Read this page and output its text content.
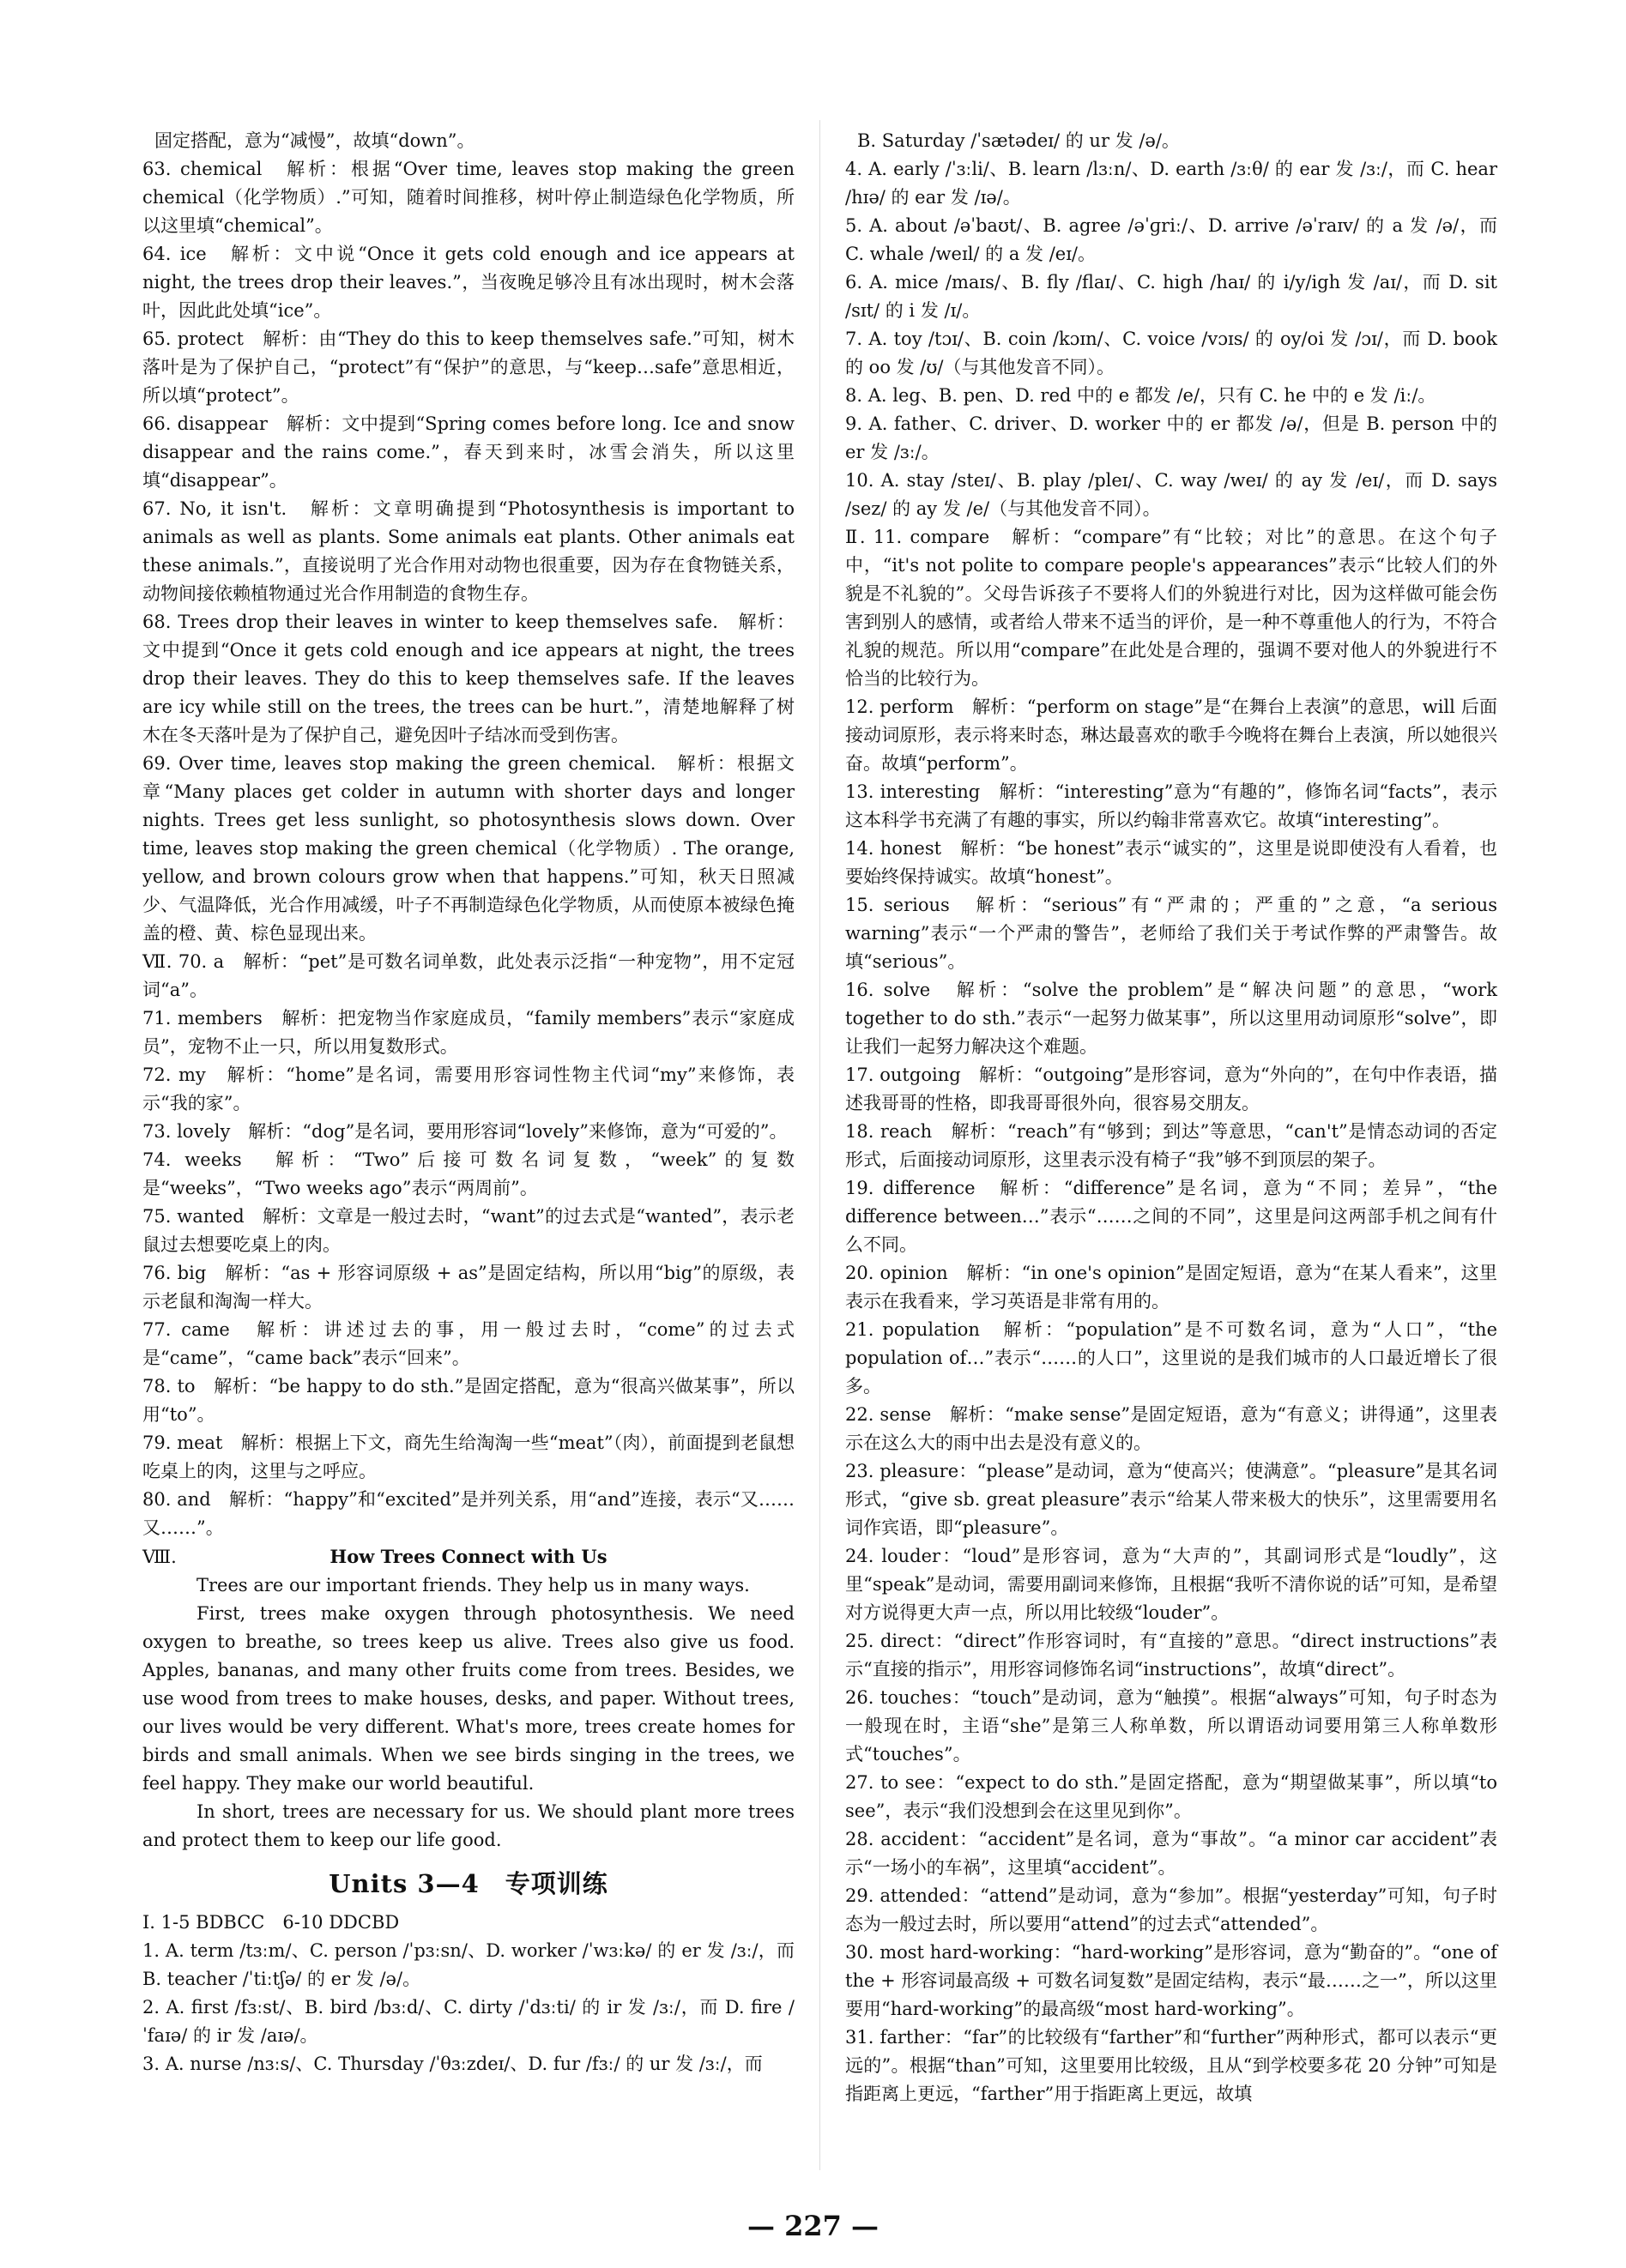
固定搭配，意为“减慢”，故填“down”。

63. chemical　解析：根据“Over time, leaves stop making the green chemical（化学物质）.”可知，随着时间推移，树叶停止制造绿色化学物质，所以这里填“chemical”。

64. ice　解析：文中说“Once it gets cold enough and ice appears at night, the trees drop their leaves.”，当夜晚足够冷且有冰出现时，树木会落叶，因此此处填“ice”。

65. protect　解析：由“They do this to keep themselves safe.”可知，树木落叶是为了保护自己，“protect”有“保护”的意思，与“keep…safe”意思相近，所以填“protect”。

66. disappear　解析：文中提到“Spring comes before long. Ice and snow disappear and the rains come.”，春天到来时，冰雪会消失，所以这里填“disappear”。

67. No, it isn't.　解析：文章明确提到“Photosynthesis is important to animals as well as plants. Some animals eat plants. Other animals eat these animals.”，直接说明了光合作用对动物也很重要，因为存在食物链关系，动物间接依赖植物通过光合作用制造的食物生存。

68. Trees drop their leaves in winter to keep themselves safe.　解析：文中提到“Once it gets cold enough and ice appears at night, the trees drop their leaves. They do this to keep themselves safe. If the leaves are icy while still on the trees, the trees can be hurt.”，清楚地解释了树木在冬天落叶是为了保护自己，避免因叶子结冰而受到伤害。

69. Over time, leaves stop making the green chemical.　解析：根据文章“Many places get colder in autumn with shorter days and longer nights. Trees get less sunlight, so photosynthesis slows down. Over time, leaves stop making the green chemical（化学物质）. The orange, yellow, and brown colours grow when that happens.”可知，秋天日照减少、气温降低，光合作用减缓，叶子不再制造绿色化学物质，从而使原本被绿色掩盖的橙、黄、棕色显现出来。

Ⅶ. 70. a　解析：“pet”是可数名词单数，此处表示泛指“一种宠物”，用不定冠词“a”。

71. members　解析：把宠物当作家庭成员，“family members”表示“家庭成员”，宠物不止一只，所以用复数形式。

72. my　解析：“home”是名词，需要用形容词性物主代词“my”来修饰，表示“我的家”。

73. lovely　解析：“dog”是名词，要用形容词“lovely”来修饰，意为“可爱的”。

74. weeks　解析：“Two”后接可数名词复数，“week”的复数是“weeks”，“Two weeks ago”表示“两周前”。

75. wanted　解析：文章是一般过去时，“want”的过去式是“wanted”，表示老鼠过去想要吃桌上的肉。

76. big　解析：“as + 形容词原级 + as”是固定结构，所以用“big”的原级，表示老鼠和淘淘一样大。

77. came　解析：讲述过去的事，用一般过去时，“come”的过去式是“came”，“came back”表示“回来”。

78. to　解析：“be happy to do sth.”是固定搭配，意为“很高兴做某事”，所以用“to”。

79. meat　解析：根据上下文，商先生给淘淘一些“meat”（肉），前面提到老鼠想吃桌上的肉，这里与之呼应。

80. and　解析：“happy”和“excited”是并列关系，用“and”连接，表示“又……又……”。

Ⅷ.	How Trees Connect with Us

Trees are our important friends. They help us in many ways.

First, trees make oxygen through photosynthesis. We need oxygen to breathe, so trees keep us alive. Trees also give us food. Apples, bananas, and many other fruits come from trees. Besides, we use wood from trees to make houses, desks, and paper. Without trees, our lives would be very different. What's more, trees create homes for birds and small animals. When we see birds singing in the trees, we feel happy. They make our world beautiful.

In short, trees are necessary for us. We should plant more trees and protect them to keep our life good.

Units 3—4　专项训练

Ⅰ. 1-5 BDBCC　6-10 DDCBD

1. A. term /tɜːm/、C. person /ˈpɜːsn/、D. worker /ˈwɜːkə/ 的 er 发 /ɜː/，而 B. teacher /ˈtiːtʃə/ 的 er 发 /ə/。

2. A. first /fɜːst/、B. bird /bɜːd/、C. dirty /ˈdɜːti/ 的 ir 发 /ɜː/，而 D. fire /ˈfaɪə/ 的 ir 发 /aɪə/。

3. A. nurse /nɜːs/、C. Thursday /ˈθɜːzdeɪ/、D. fur /fɜː/ 的 ur 发 /ɜː/，而

B. Saturday /ˈsætədeɪ/ 的 ur 发 /ə/。

4. A. early /ˈɜːli/、B. learn /lɜːn/、D. earth /ɜːθ/ 的 ear 发 /ɜː/，而 C. hear /hɪə/ 的 ear 发 /ɪə/。

5. A. about /əˈbaʊt/、B. agree /əˈɡriː/、D. arrive /əˈraɪv/ 的 a 发 /ə/，而 C. whale /weɪl/ 的 a 发 /eɪ/。

6. A. mice /maɪs/、B. fly /flaɪ/、C. high /haɪ/ 的 i/y/igh 发 /aɪ/，而 D. sit /sɪt/ 的 i 发 /ɪ/。

7. A. toy /tɔɪ/、B. coin /kɔɪn/、C. voice /vɔɪs/ 的 oy/oi 发 /ɔɪ/，而 D. book 的 oo 发 /ʊ/（与其他发音不同）。

8. A. leg、B. pen、D. red 中的 e 都发 /e/，只有 C. he 中的 e 发 /iː/。

9. A. father、C. driver、D. worker 中的 er 都发 /ə/，但是 B. person 中的 er 发 /ɜː/。

10. A. stay /steɪ/、B. play /pleɪ/、C. way /weɪ/ 的 ay 发 /eɪ/，而 D. says /sez/ 的 ay 发 /e/（与其他发音不同）。

Ⅱ. 11. compare　解析：“compare”有“比较；对比”的意思。在这个句子中，“it's not polite to compare people's appearances”表示“比较人们的外貌是不礼貌的”。父母告诉孩子不要将人们的外貌进行对比，因为这样做可能会伤害到别人的感情，或者给人带来不适当的评价，是一种不尊重他人的行为，不符合礼貌的规范。所以用“compare”在此处是合理的，强调不要对他人的外貌进行不恰当的比较行为。

12. perform　解析：“perform on stage”是“在舞台上表演”的意思，will 后面接动词原形，表示将来时态，琳达最喜欢的歌手今晚将在舞台上表演，所以她很兴奋。故填“perform”。

13. interesting　解析：“interesting”意为“有趣的”，修饰名词“facts”，表示这本科学书充满了有趣的事实，所以约翰非常喜欢它。故填“interesting”。

14. honest　解析：“be honest”表示“诚实的”，这里是说即使没有人看着，也要始终保持诚实。故填“honest”。

15. serious　解析：“serious”有“严肃的；严重的”之意，“a serious warning”表示“一个严肃的警告”，老师给了我们关于考试作弊的严肃警告。故填“serious”。

16. solve　解析：“solve the problem”是“解决问题”的意思，“work together to do sth.”表示“一起努力做某事”，所以这里用动词原形“solve”，即让我们一起努力解决这个难题。

17. outgoing　解析：“outgoing”是形容词，意为“外向的”，在句中作表语，描述我哥哥的性格，即我哥哥很外向，很容易交朋友。

18. reach　解析：“reach”有“够到；到达”等意思，“can't”是情态动词的否定形式，后面接动词原形，这里表示没有椅子“我”够不到顶层的架子。

19. difference　解析：“difference”是名词，意为“不同；差异”，“the difference between…”表示“……之间的不同”，这里是问这两部手机之间有什么不同。

20. opinion　解析：“in one's opinion”是固定短语，意为“在某人看来”，这里表示在我看来，学习英语是非常有用的。

21. population　解析：“population”是不可数名词，意为“人口”，“the population of…”表示“……的人口”，这里说的是我们城市的人口最近增长了很多。

22. sense　解析：“make sense”是固定短语，意为“有意义；讲得通”，这里表示在这么大的雨中出去是没有意义的。

23. pleasure：“please”是动词，意为“使高兴；使满意”。“pleasure”是其名词形式，“give sb. great pleasure”表示“给某人带来极大的快乐”，这里需要用名词作宾语，即“pleasure”。

24. louder：“loud”是形容词，意为“大声的”，其副词形式是“loudly”，这里“speak”是动词，需要用副词来修饰，且根据“我听不清你说的话”可知，是希望对方说得更大声一点，所以用比较级“louder”。

25. direct：“direct”作形容词时，有“直接的”意思。“direct instructions”表示“直接的指示”，用形容词修饰名词“instructions”，故填“direct”。

26. touches：“touch”是动词，意为“触摸”。根据“always”可知，句子时态为一般现在时，主语“she”是第三人称单数，所以谓语动词要用第三人称单数形式“touches”。

27. to see：“expect to do sth.”是固定搭配，意为“期望做某事”，所以填“to see”，表示“我们没想到会在这里见到你”。

28. accident：“accident”是名词，意为“事故”。“a minor car accident”表示“一场小的车祸”，这里填“accident”。

29. attended：“attend”是动词，意为“参加”。根据“yesterday”可知，句子时态为一般过去时，所以要用“attend”的过去式“attended”。

30. most hard-working：“hard-working”是形容词，意为“勤奋的”。“one of the + 形容词最高级 + 可数名词复数”是固定结构，表示“最……之一”，所以这里要用“hard-working”的最高级“most hard-working”。

31. farther：“far”的比较级有“farther”和“further”两种形式，都可以表示“更远的”。根据“than”可知，这里要用比较级，且从“到学校要多花 20 分钟”可知是指距离上更远，“farther”用于指距离上更远，故填

— 227 —
